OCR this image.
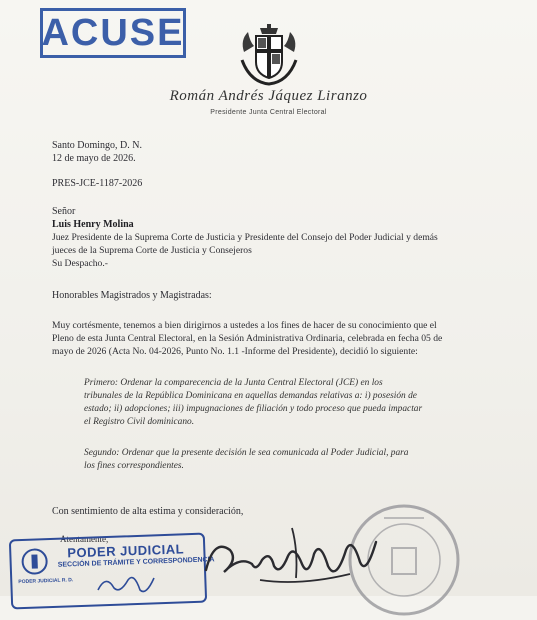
ACUSE
Román Andrés Jáquez Liranzo
Presidente Junta Central Electoral
Santo Domingo, D. N.
12 de mayo de 2026.
PRES-JCE-1187-2026
Señor
Luis Henry Molina
Juez Presidente de la Suprema Corte de Justicia y Presidente del Consejo del Poder Judicial y demás
jueces de la Suprema Corte de Justicia y Consejeros
Su Despacho.-
Honorables Magistrados y Magistradas:
Muy cortésmente, tenemos a bien dirigirnos a ustedes a los fines de hacer de su conocimiento que el
Pleno de esta Junta Central Electoral, en la Sesión Administrativa Ordinaria, celebrada en fecha 05 de
mayo de 2026 (Acta No. 04-2026, Punto No. 1.1 -Informe del Presidente), decidió lo siguiente:
Primero: Ordenar la comparecencia de la Junta Central Electoral (JCE) en los
tribunales de la República Dominicana en aquellas demandas relativas a: i) posesión de
estado; ii) adopciones; iii) impugnaciones de filiación y todo proceso que pueda impactar
el Registro Civil dominicano.
Segundo: Ordenar que la presente decisión le sea comunicada al Poder Judicial, para
los fines correspondientes.
Con sentimiento de alta estima y consideración,
Atentamente,
PODER JUDICIAL
SECCIÓN DE TRÁMITE Y CORRESPONDENCIA
PODER JUDICIAL R. D.
